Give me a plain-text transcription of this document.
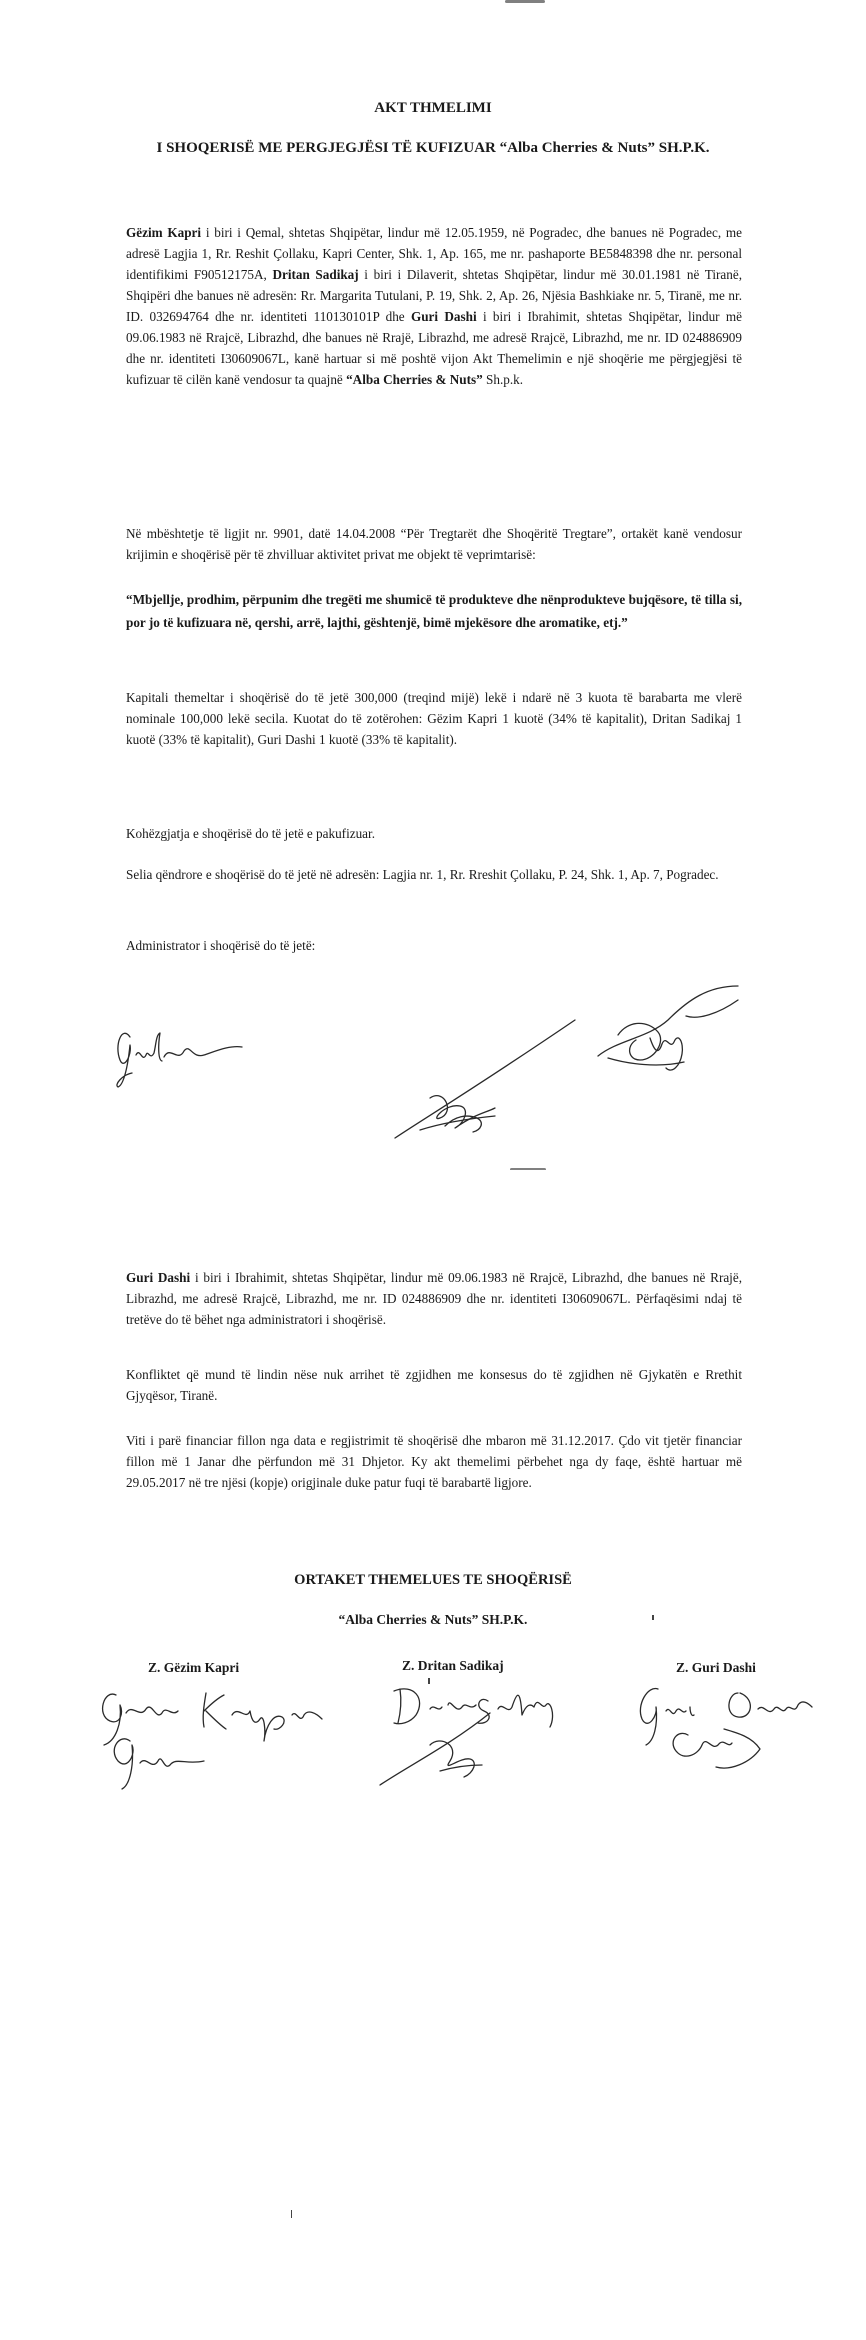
AKT THMELIMI
I SHOQERISË ME PERGJEGJËSI TË KUFIZUAR “Alba Cherries & Nuts” SH.P.K.

Gëzim Kapri i biri i Qemal, shtetas Shqipëtar, lindur më 12.05.1959, në Pogradec, dhe banues në Pogradec, me adresë Lagjia 1, Rr. Reshit Çollaku, Kapri Center, Shk. 1, Ap. 165, me nr. pashaporte BE5848398 dhe nr. personal identifikimi F90512175A, Dritan Sadikaj i biri i Dilaverit, shtetas Shqipëtar, lindur më 30.01.1981 në Tiranë, Shqipëri dhe banues në adresën: Rr. Margarita Tutulani, P. 19, Shk. 2, Ap. 26, Njësia Bashkiake nr. 5, Tiranë, me nr. ID. 032694764 dhe nr. identiteti 110130101P dhe Guri Dashi i biri i Ibrahimit, shtetas Shqipëtar, lindur më 09.06.1983 në Rrajcë, Librazhd, dhe banues në Rrajë, Librazhd, me adresë Rrajcë, Librazhd, me nr. ID 024886909 dhe nr. identiteti I30609067L, kanë hartuar si më poshtë vijon Akt Themelimin e një shoqërie me përgjegjësi të kufizuar të cilën kanë vendosur ta quajnë “Alba Cherries & Nuts” Sh.p.k.

Në mbështetje të ligjit nr. 9901, datë 14.04.2008 “Për Tregtarët dhe Shoqëritë Tregtare”, ortakët kanë vendosur krijimin e shoqërisë për të zhvilluar aktivitet privat me objekt të veprimtarisë:

“Mbjellje, prodhim, përpunim dhe tregëti me shumicë të produkteve dhe nënprodukteve bujqësore, të tilla si, por jo të kufizuara në, qershi, arrë, lajthi, gështenjë, bimë mjekësore dhe aromatike, etj.”

Kapitali themeltar i shoqërisë do të jetë 300,000 (treqind mijë) lekë i ndarë në 3 kuota të barabarta me vlerë nominale 100,000 lekë secila. Kuotat do të zotërohen: Gëzim Kapri 1 kuotë (34% të kapitalit), Dritan Sadikaj 1 kuotë (33% të kapitalit), Guri Dashi 1 kuotë (33% të kapitalit).

Kohëzgjatja e shoqërisë do të jetë e pakufizuar.

Selia qëndrore e shoqërisë do të jetë në adresën: Lagjia nr. 1, Rr. Rreshit Çollaku, P. 24, Shk. 1, Ap. 7, Pogradec.

Administrator i shoqërisë do të jetë:

Guri Dashi i biri i Ibrahimit, shtetas Shqipëtar, lindur më 09.06.1983 në Rrajcë, Librazhd, dhe banues në Rrajë, Librazhd, me adresë Rrajcë, Librazhd, me nr. ID 024886909 dhe nr. identiteti I30609067L. Përfaqësimi ndaj të tretëve do të bëhet nga administratori i shoqërisë.

Konfliktet që mund të lindin nëse nuk arrihet të zgjidhen me konsesus do të zgjidhen në Gjykatën e Rrethit Gjyqësor, Tiranë.

Viti i parë financiar fillon nga data e regjistrimit të shoqërisë dhe mbaron më 31.12.2017. Çdo vit tjetër financiar fillon më 1 Janar dhe përfundon më 31 Dhjetor. Ky akt themelimi përbehet nga dy faqe, është hartuar më 29.05.2017 në tre njësi (kopje) origjinale duke patur fuqi të barabartë ligjore.

ORTAKET THEMELUES TE SHOQËRISË
“Alba Cherries & Nuts” SH.P.K.
Z. Gëzim Kapri	Z. Dritan Sadikaj	Z. Guri Dashi
